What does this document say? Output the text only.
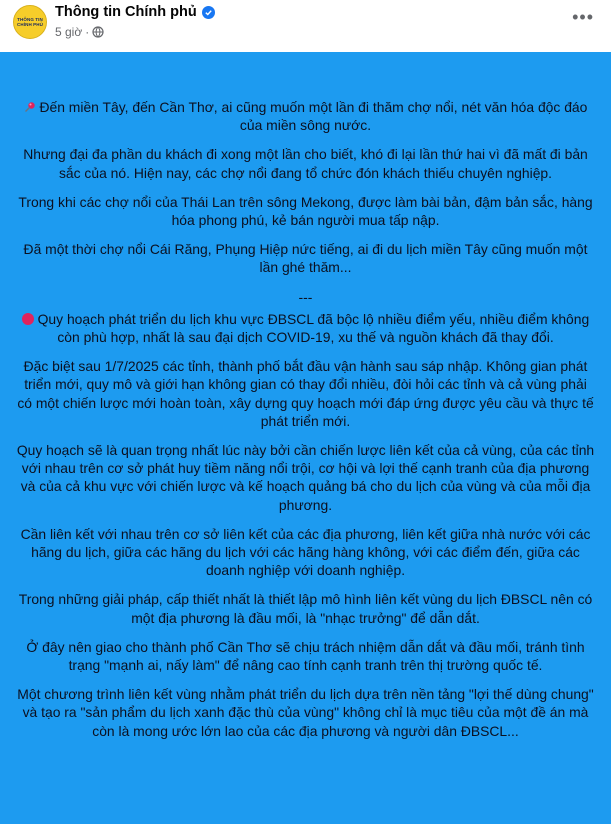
THÔNG TIN
CHÍNH PHỦ
Thông tin Chính phủ
5 giờ ·
•••

Đến miền Tây, đến Cần Thơ, ai cũng muốn một lần đi thăm chợ nổi, nét văn hóa độc đáo của miền sông nước.

Nhưng đại đa phần du khách đi xong một lần cho biết, khó đi lại lần thứ hai vì đã mất đi bản sắc của nó. Hiện nay, các chợ nổi đang tổ chức đón khách thiếu chuyên nghiệp.

Trong khi các chợ nổi của Thái Lan trên sông Mekong, được làm bài bản, đậm bản sắc, hàng hóa phong phú, kẻ bán người mua tấp nập.

Đã một thời chợ nổi Cái Răng, Phụng Hiệp nức tiếng, ai đi du lịch miền Tây cũng muốn một lần ghé thăm...

---

Quy hoạch phát triển du lịch khu vực ĐBSCL đã bộc lộ nhiều điểm yếu, nhiều điểm không còn phù hợp, nhất là sau đại dịch COVID-19, xu thế và nguồn khách đã thay đổi.

Đặc biệt sau 1/7/2025 các tỉnh, thành phố bắt đầu vận hành sau sáp nhập. Không gian phát triển mới, quy mô và giới hạn không gian có thay đổi nhiều, đòi hỏi các tỉnh và cả vùng phải có một chiến lược mới hoàn toàn, xây dựng quy hoạch mới đáp ứng được yêu cầu và thực tế phát triển mới.

Quy hoạch sẽ là quan trọng nhất lúc này bởi cần chiến lược liên kết của cả vùng, của các tỉnh với nhau trên cơ sở phát huy tiềm năng nổi trội, cơ hội và lợi thế cạnh tranh của địa phương và của cả khu vực với chiến lược và kế hoạch quảng bá cho du lịch của vùng và của mỗi địa phương.

Cần liên kết với nhau trên cơ sở liên kết của các địa phương, liên kết giữa nhà nước với các hãng du lịch, giữa các hãng du lịch với các hãng hàng không, với các điểm đến, giữa các doanh nghiệp với doanh nghiệp.

Trong những giải pháp, cấp thiết nhất là thiết lập mô hình liên kết vùng du lịch ĐBSCL nên có một địa phương là đầu mối, là "nhạc trưởng" để dẫn dắt.

Ở đây nên giao cho thành phố Cần Thơ sẽ chịu trách nhiệm dẫn dắt và đầu mối, tránh tình trạng "mạnh ai, nấy làm" để nâng cao tính cạnh tranh trên thị trường quốc tế.

Một chương trình liên kết vùng nhằm phát triển du lịch dựa trên nền tảng "lợi thế dùng chung" và tạo ra "sản phẩm du lịch xanh đặc thù của vùng" không chỉ là mục tiêu của một đề án mà còn là mong ước lớn lao của các địa phương và người dân ĐBSCL...
